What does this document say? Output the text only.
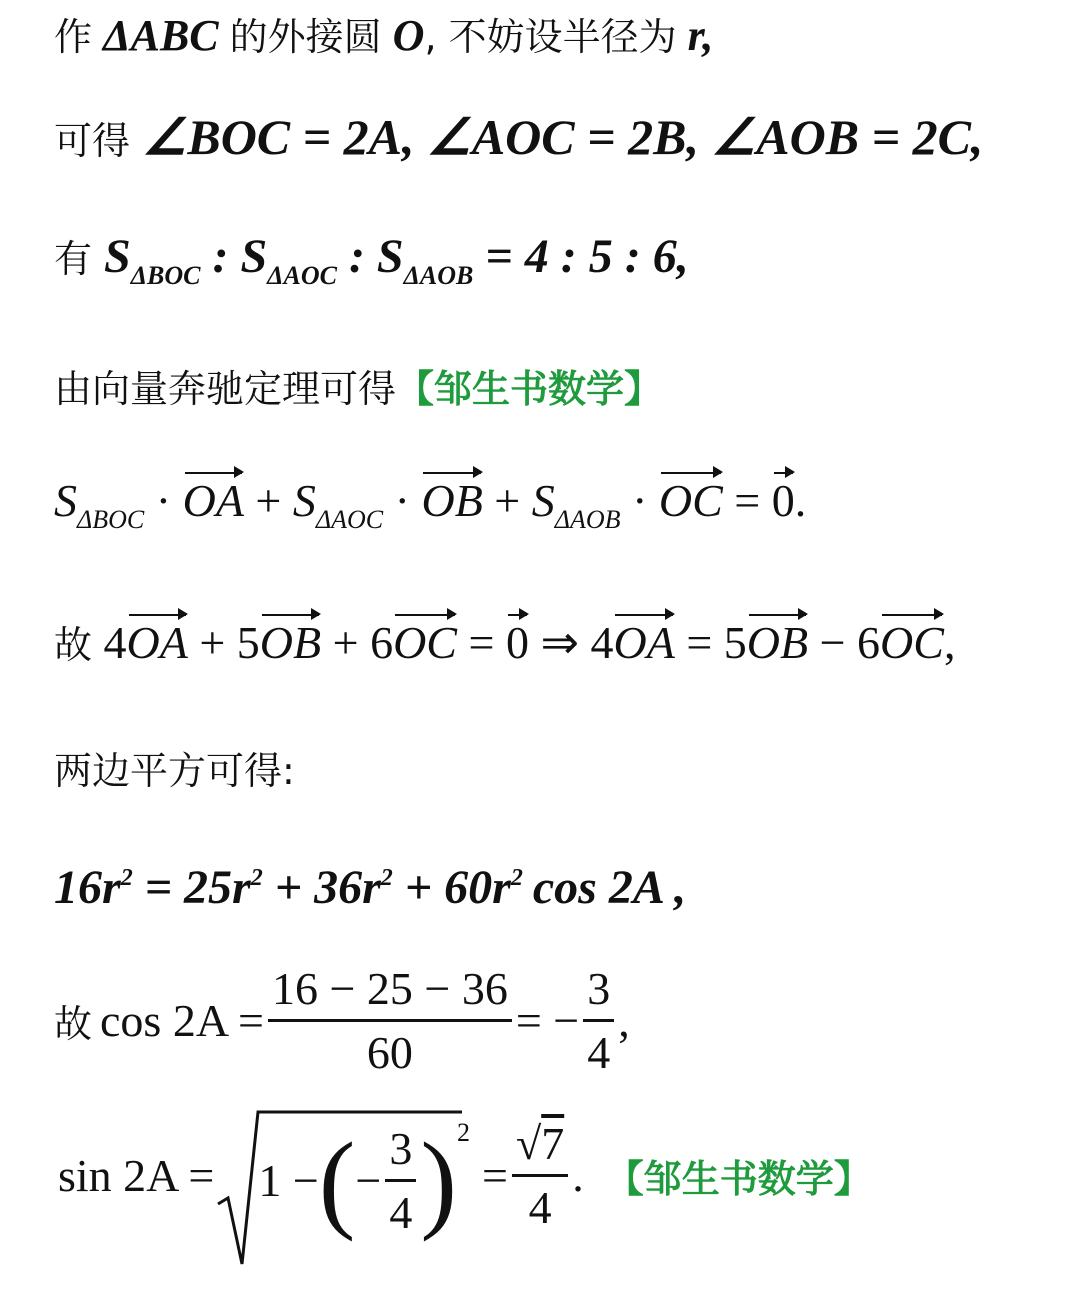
作 ΔABC 的外接圆 O, 不妨设半径为 r,
可得 ∠BOC = 2A, ∠AOC = 2B, ∠AOB = 2C,
有 $S_{\Delta BOC}$ : $S_{\Delta AOC}$ : $S_{\Delta AOB} = 4$ : 5 : 6,
由向量奔驰定理可得【邹生书数学】
$S_{\Delta BOC}$ · OA + $S_{\Delta AOC}$ · OB + $S_{\Delta AOB}$ · OC = 0.
故 4OA + 5OB + 6OC = 0 ⇒ 4OA = 5OB − 6OC,
两边平方可得:
$16r^2 = 25r^2 + 36r^2 + 60r^2$ cos 2A ,
故 $\cos 2A = \frac{16 - 25 - 36}{60}$ = − $\frac{3}{4}$ ,
sin 2A = 1 − ( − $\frac{3}{4}$ ) 2
= $\frac{√7}{4}$ . 【邹生书数学】
